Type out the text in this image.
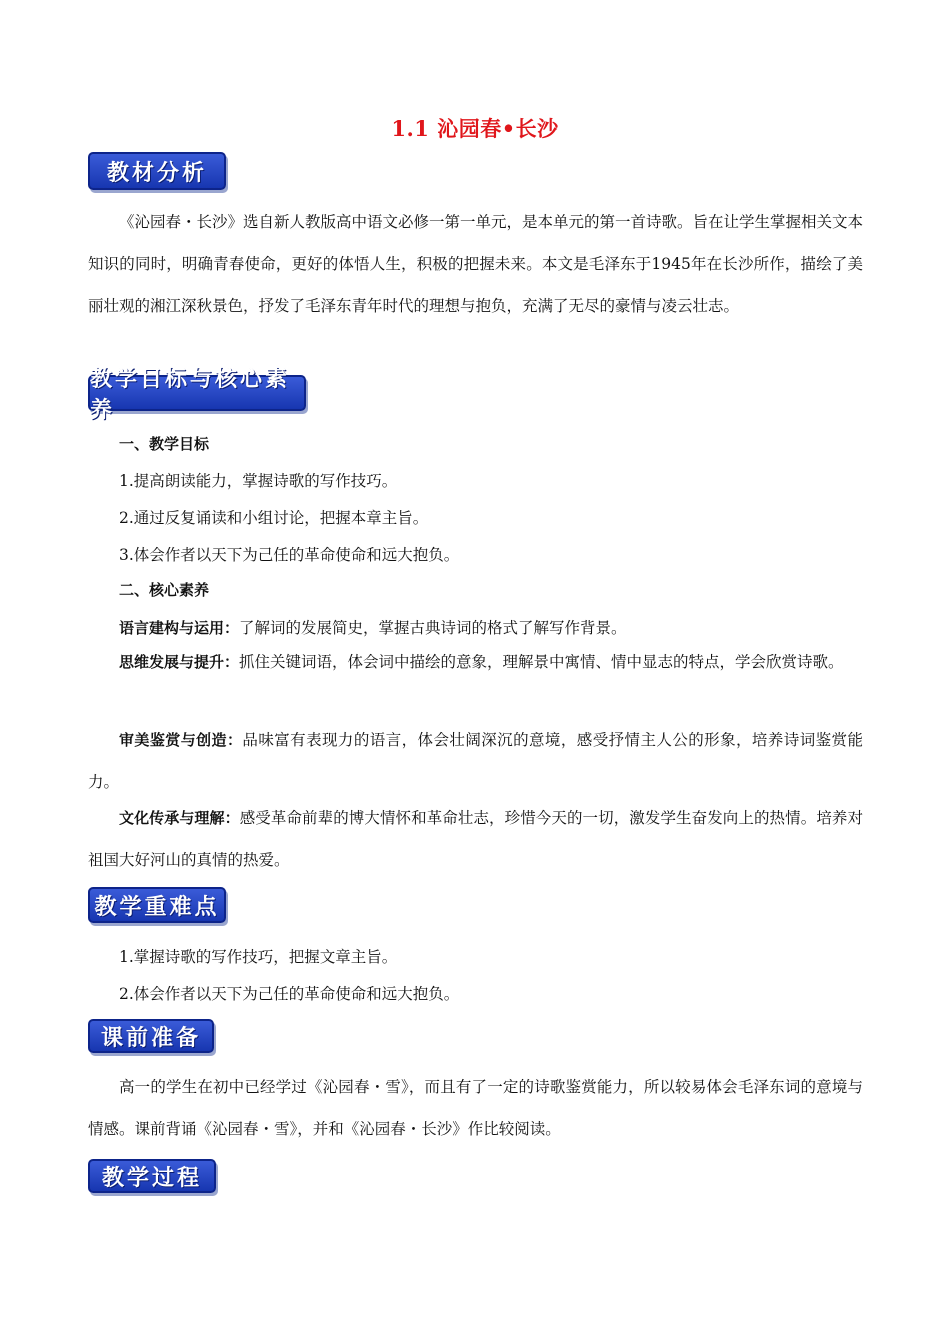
1.1 沁园春•长沙
教材分析
《沁园春・长沙》选自新人教版高中语文必修一第一单元，是本单元的第一首诗歌。旨在让学生掌握相关文本知识的同时，明确青春使命，更好的体悟人生，积极的把握未来。本文是毛泽东于1945年在长沙所作，描绘了美丽壮观的湘江深秋景色，抒发了毛泽东青年时代的理想与抱负，充满了无尽的豪情与凌云壮志。
教学目标与核心素养
一、教学目标
1.提高朗读能力，掌握诗歌的写作技巧。
2.通过反复诵读和小组讨论，把握本章主旨。
3.体会作者以天下为己任的革命使命和远大抱负。
二、核心素养
语言建构与运用：了解词的发展简史，掌握古典诗词的格式了解写作背景。
思维发展与提升：抓住关键词语，体会词中描绘的意象，理解景中寓情、情中显志的特点，学会欣赏诗歌。
审美鉴赏与创造：品味富有表现力的语言，体会壮阔深沉的意境，感受抒情主人公的形象，培养诗词鉴赏能力。
文化传承与理解：感受革命前辈的博大情怀和革命壮志，珍惜今天的一切，激发学生奋发向上的热情。培养对祖国大好河山的真情的热爱。
教学重难点
1.掌握诗歌的写作技巧，把握文章主旨。
2.体会作者以天下为己任的革命使命和远大抱负。
课前准备
高一的学生在初中已经学过《沁园春・雪》，而且有了一定的诗歌鉴赏能力，所以较易体会毛泽东词的意境与情感。课前背诵《沁园春・雪》，并和《沁园春・长沙》作比较阅读。
教学过程
